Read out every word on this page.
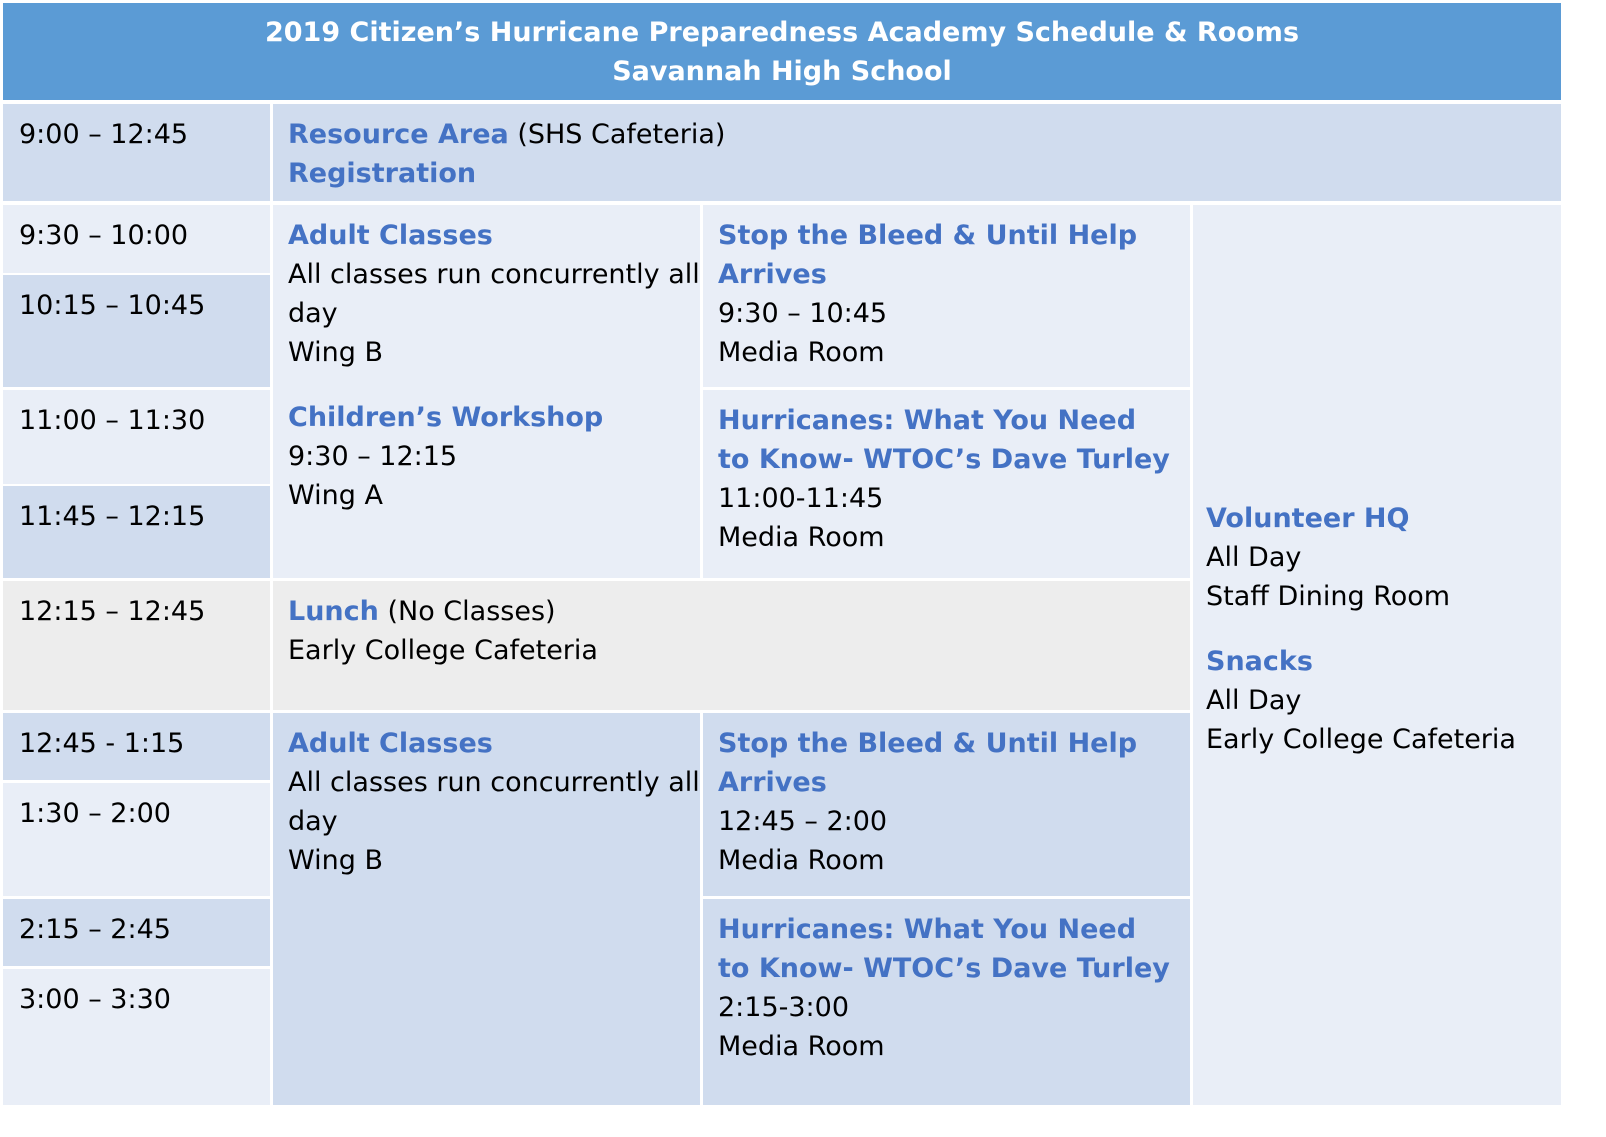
2019 Citizen’s Hurricane Preparedness Academy Schedule & Rooms
Savannah High School
9:00 – 12:45
9:30 – 10:00
10:15 – 10:45
11:00 – 11:30
11:45 – 12:15
12:15 – 12:45
12:45 - 1:15
1:30 – 2:00
2:15 – 2:45
3:00 – 3:30
Resource Area (SHS Cafeteria)
Registration
Adult Classes
All classes run concurrently all day
Wing B
Children’s Workshop
9:30 – 12:15
Wing A
Stop the Bleed & Until Help Arrives
9:30 – 10:45
Media Room
Hurricanes: What You Need to Know- WTOC’s Dave Turley
11:00-11:45
Media Room
Lunch (No Classes)
Early College Cafeteria
Adult Classes
All classes run concurrently all day
Wing B
Stop the Bleed & Until Help Arrives
12:45 – 2:00
Media Room
Hurricanes: What You Need to Know- WTOC’s Dave Turley
2:15-3:00
Media Room
Volunteer HQ
All Day
Staff Dining Room
Snacks
All Day
Early College Cafeteria
